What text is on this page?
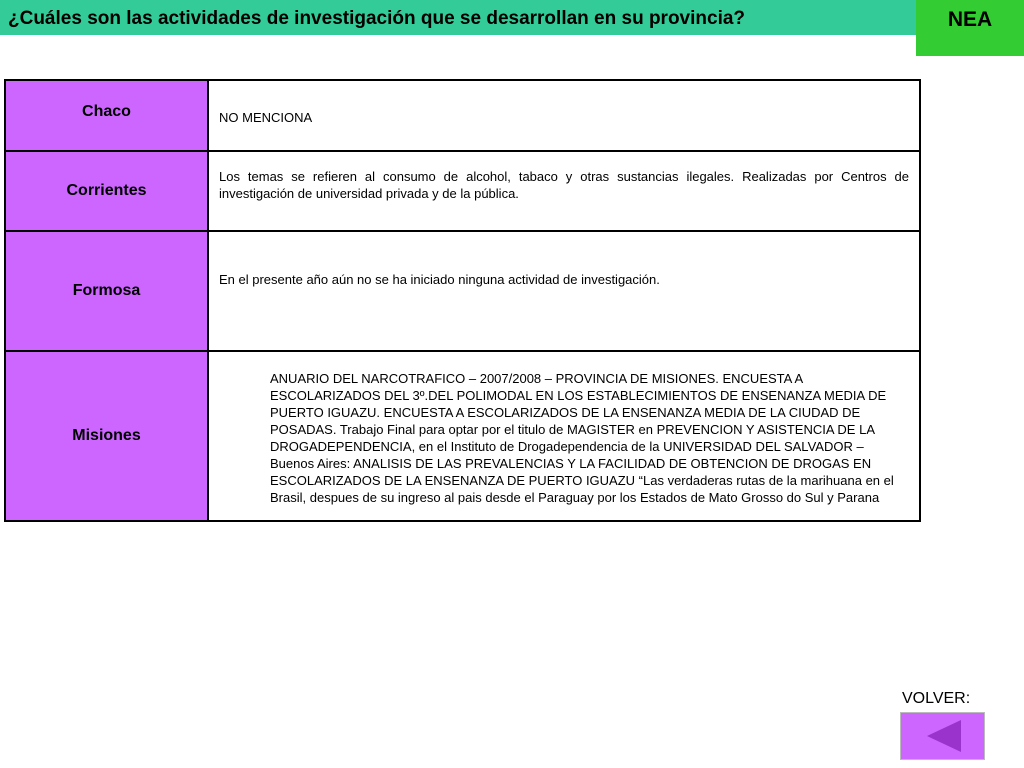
¿Cuáles son las actividades de investigación que se desarrollan en su provincia?	NEA
Chaco	NO MENCIONA

Corrientes	Los temas se refieren al consumo de alcohol, tabaco y otras sustancias ilegales. Realizadas por Centros de investigación de universidad privada y de la pública.

Formosa	En el presente año aún no se ha iniciado ninguna actividad de investigación.

Misiones	ANUARIO DEL NARCOTRAFICO – 2007/2008 – PROVINCIA DE MISIONES. ENCUESTA A ESCOLARIZADOS DEL 3º.DEL POLIMODAL EN LOS ESTABLECIMIENTOS DE ENSENANZA MEDIA DE PUERTO IGUAZU. ENCUESTA A ESCOLARIZADOS DE LA ENSENANZA MEDIA DE LA CIUDAD DE POSADAS. Trabajo Final para optar por el titulo de MAGISTER en PREVENCION Y ASISTENCIA DE LA DROGADEPENDENCIA, en el Instituto de Drogadependencia de la UNIVERSIDAD DEL SALVADOR – Buenos Aires: ANALISIS DE LAS PREVALENCIAS Y LA FACILIDAD DE OBTENCION DE DROGAS EN ESCOLARIZADOS DE LA ENSENANZA DE PUERTO IGUAZU “Las verdaderas rutas de la marihuana en el Brasil, despues de su ingreso al pais desde el Paraguay por los Estados de Mato Grosso do Sul y Parana
VOLVER:
